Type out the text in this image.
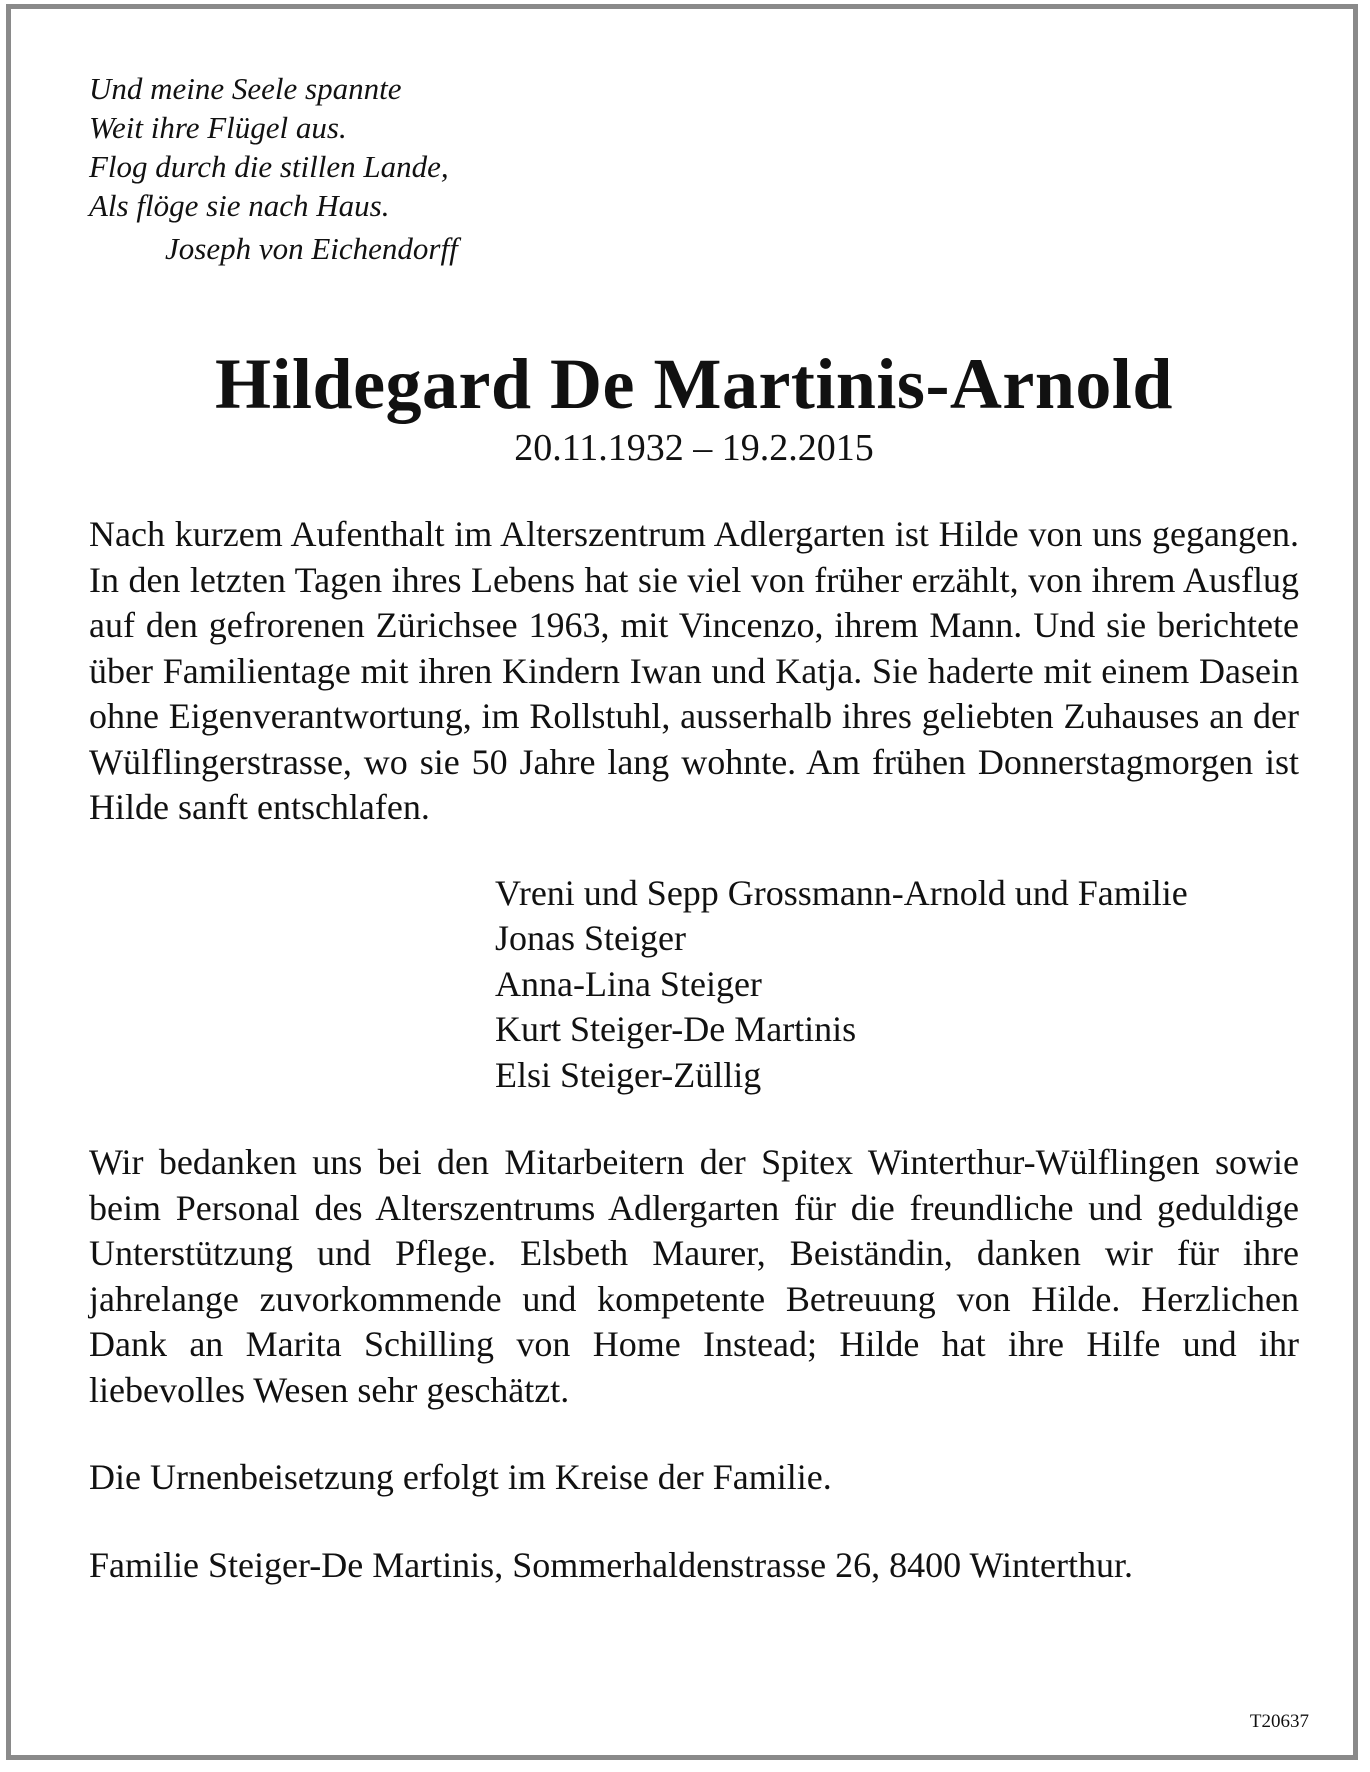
Und meine Seele spannte
Weit ihre Flügel aus.
Flog durch die stillen Lande,
Als flöge sie nach Haus.
Joseph von Eichendorff
Hildegard De Martinis-Arnold

20.11.1932 – 19.2.2015

Nach kurzem Aufenthalt im Alterszentrum Adlergarten ist Hilde von uns gegangen. In den letzten Tagen ihres Lebens hat sie viel von früher erzählt, von ihrem Ausflug auf den gefrorenen Zürichsee 1963, mit Vincenzo, ihrem Mann. Und sie berichtete über Familientage mit ihren Kindern Iwan und Katja. Sie haderte mit einem Dasein ohne Eigenverantwortung, im Rollstuhl, ausserhalb ihres geliebten Zuhauses an der Wülflingerstrasse, wo sie 50 Jahre lang wohnte. Am frühen Donnerstagmorgen ist Hilde sanft entschlafen.

Vreni und Sepp Grossmann-Arnold und Familie
Jonas Steiger
Anna-Lina Steiger
Kurt Steiger-De Martinis
Elsi Steiger-Züllig

Wir bedanken uns bei den Mitarbeitern der Spitex Winterthur-Wülflingen sowie beim Personal des Alterszentrums Adlergarten für die freundliche und geduldige Unterstützung und Pflege. Elsbeth Maurer, Beiständin, danken wir für ihre jahrelange zuvorkommende und kompetente Betreuung von Hilde. Herzlichen Dank an Marita Schilling von Home Instead; Hilde hat ihre Hilfe und ihr liebevolles Wesen sehr geschätzt.

Die Urnenbeisetzung erfolgt im Kreise der Familie.

Familie Steiger-De Martinis, Sommerhaldenstrasse 26, 8400 Winterthur.

T20637
